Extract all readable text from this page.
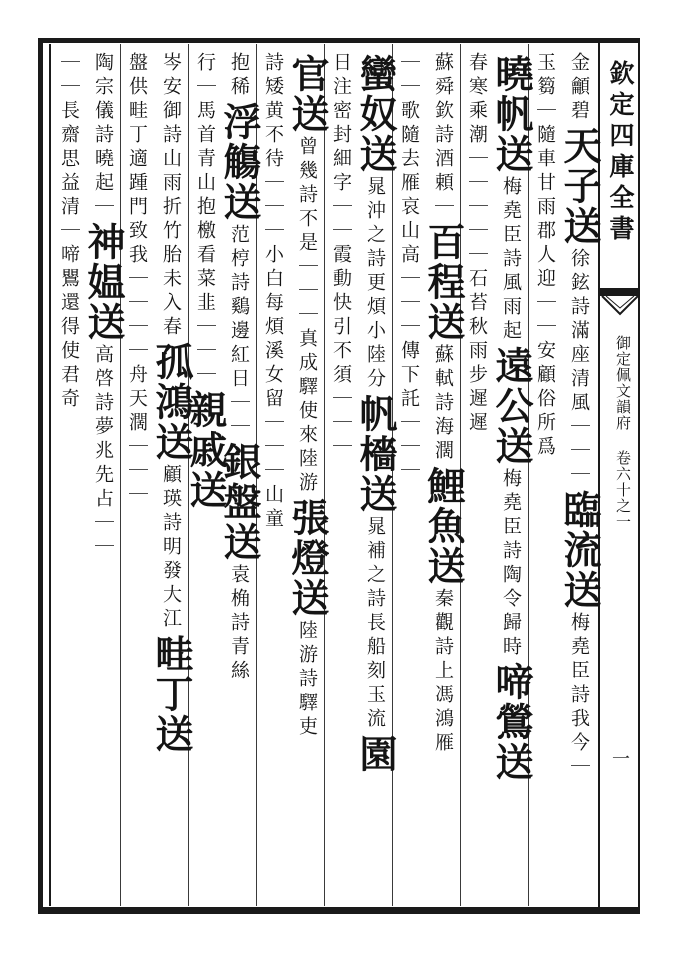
欽定四庫全書
御定佩文韻府 卷六十之一
一
金龥碧
天子送
徐鉉詩滿座清風｜｜｜
臨流送
梅堯臣詩我今｜
玉篘
｜
隨車甘雨郡人迎
｜｜安顧俗所爲
曉帆送
梅堯臣詩風雨起
遠公送
梅堯臣詩陶令歸時
啼鶯送
春寒乘潮｜｜｜｜｜
石苔秋雨步遲遲
蘇舜欽詩酒頼｜
百程送
蘇軾詩海濶
鯉魚送
秦觀詩上馮鴻雁
｜｜歌隨去雁哀
山高｜｜｜
傳下託｜｜｜
蠻奴送
晁沖之詩更煩小陸分
帆檣送
晁補之詩長船刻玉流
園
日注密封細字｜｜
霞動快引不須｜｜｜
官送
曾幾詩不是｜｜｜真成驛使來陸游
張燈送
陸游詩驛吏
詩矮黄不待｜｜｜小白每煩溪女留
｜｜｜山童
抱稀
浮觴送
范梈詩鷄邊紅日｜｜
銀盤送
袁桷詩青絲
行
｜馬首青山抱檄看
菜韭｜｜｜
親戚送
岑安御詩山雨折竹胎未入春
孤鴻送
顧瑛詩明發大江
畦丁送
盤供畦丁適踵門致我｜｜｜｜
舟天濶｜｜｜
陶宗儀詩曉起｜
神媪送
高啓詩夢兆先占｜｜
｜｜長齋思益清
｜啼鸎還得使君奇
